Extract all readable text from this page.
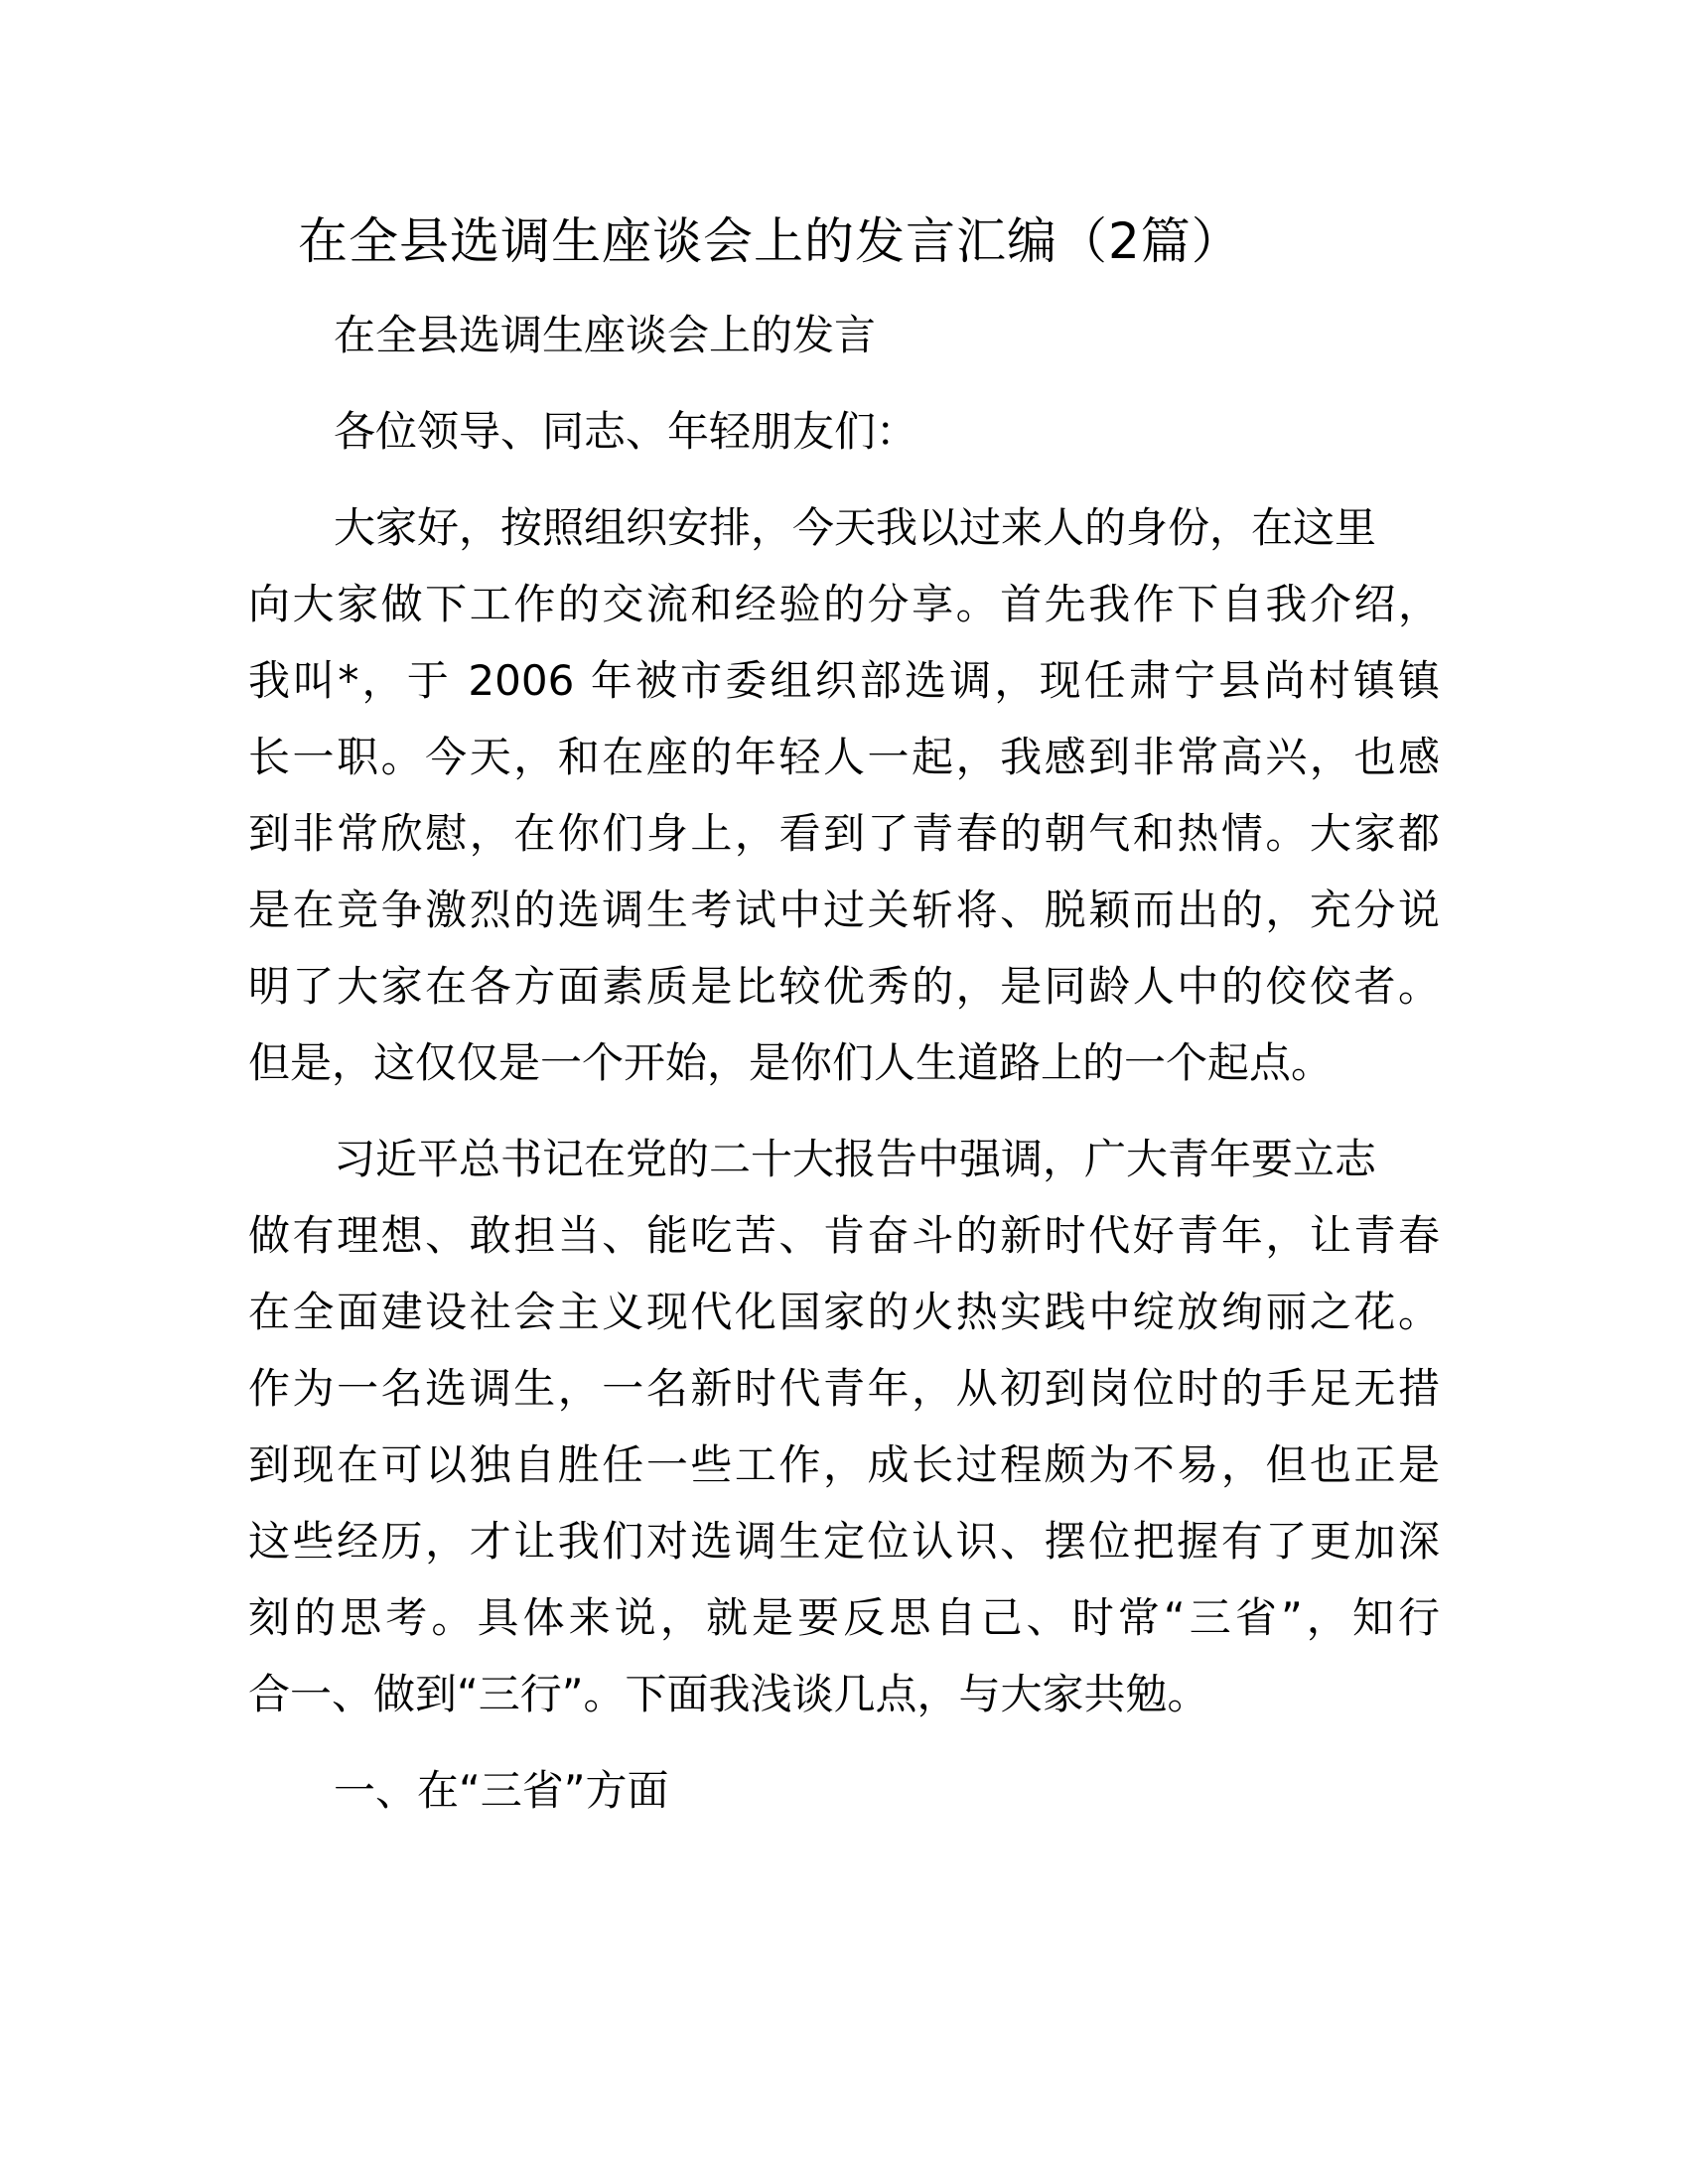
在全县选调生座谈会上的发言汇编（2篇）
在全县选调生座谈会上的发言
各位领导、同志、年轻朋友们：
大家好，按照组织安排，今天我以过来人的身份，在这里
向大家做下工作的交流和经验的分享。首先我作下自我介绍，
我叫*，于 2006 年被市委组织部选调，现任肃宁县尚村镇镇
长一职。今天，和在座的年轻人一起，我感到非常高兴，也感
到非常欣慰，在你们身上，看到了青春的朝气和热情。大家都
是在竞争激烈的选调生考试中过关斩将、脱颖而出的，充分说
明了大家在各方面素质是比较优秀的，是同龄人中的佼佼者。
但是，这仅仅是一个开始，是你们人生道路上的一个起点。
习近平总书记在党的二十大报告中强调，广大青年要立志
做有理想、敢担当、能吃苦、肯奋斗的新时代好青年，让青春
在全面建设社会主义现代化国家的火热实践中绽放绚丽之花。
作为一名选调生，一名新时代青年，从初到岗位时的手足无措
到现在可以独自胜任一些工作，成长过程颇为不易，但也正是
这些经历，才让我们对选调生定位认识、摆位把握有了更加深
刻的思考。具体来说，就是要反思自己、时常“三省”，知行
合一、做到“三行”。下面我浅谈几点，与大家共勉。
一、在“三省”方面
